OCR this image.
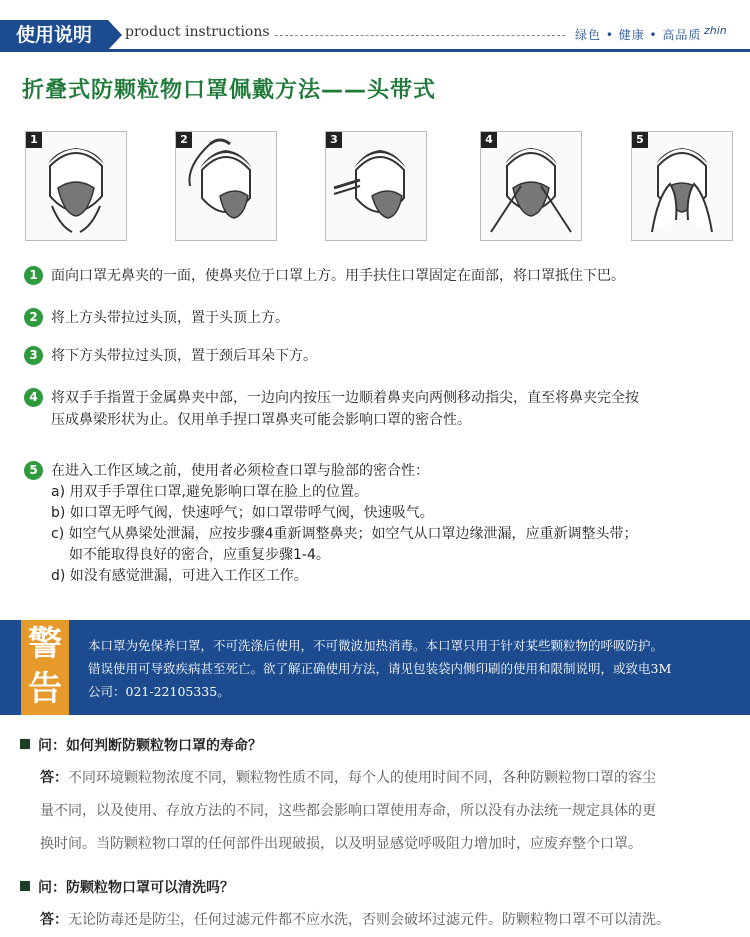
使用说明	product instructions	绿色 • 健康 • 高品质 zhin
折叠式防颗粒物口罩佩戴方法——头带式
1	2	3	4	5
1 面向口罩无鼻夹的一面，使鼻夹位于口罩上方。用手扶住口罩固定在面部，将口罩抵住下巴。
2 将上方头带拉过头顶，置于头顶上方。
3 将下方头带拉过头顶，置于颈后耳朵下方。
4 将双手手指置于金属鼻夹中部，一边向内按压一边顺着鼻夹向两侧移动指尖，直至将鼻夹完全按
压成鼻梁形状为止。仅用单手捏口罩鼻夹可能会影响口罩的密合性。
5 在进入工作区域之前，使用者必须检查口罩与脸部的密合性：
a) 用双手手罩住口罩,避免影响口罩在脸上的位置。
b) 如口罩无呼气阀，快速呼气；如口罩带呼气阀，快速吸气。
c) 如空气从鼻梁处泄漏，应按步骤4重新调整鼻夹；如空气从口罩边缘泄漏，应重新调整头带；
如不能取得良好的密合，应重复步骤1-4。
d) 如没有感觉泄漏，可进入工作区工作。
警
告
本口罩为免保养口罩，不可洗涤后使用，不可微波加热消毒。本口罩只用于针对某些颗粒物的呼吸防护。
错误使用可导致疾病甚至死亡。欲了解正确使用方法，请见包装袋内侧印刷的使用和限制说明，或致电3M
公司：021-22105335。
问：如何判断防颗粒物口罩的寿命？
答：不同环境颗粒物浓度不同，颗粒物性质不同，每个人的使用时间不同，各种防颗粒物口罩的容尘
量不同，以及使用、存放方法的不同，这些都会影响口罩使用寿命，所以没有办法统一规定具体的更
换时间。当防颗粒物口罩的任何部件出现破损，以及明显感觉呼吸阻力增加时，应废弃整个口罩。
问：防颗粒物口罩可以清洗吗？
答：无论防毒还是防尘，任何过滤元件都不应水洗，否则会破坏过滤元件。防颗粒物口罩不可以清洗。
